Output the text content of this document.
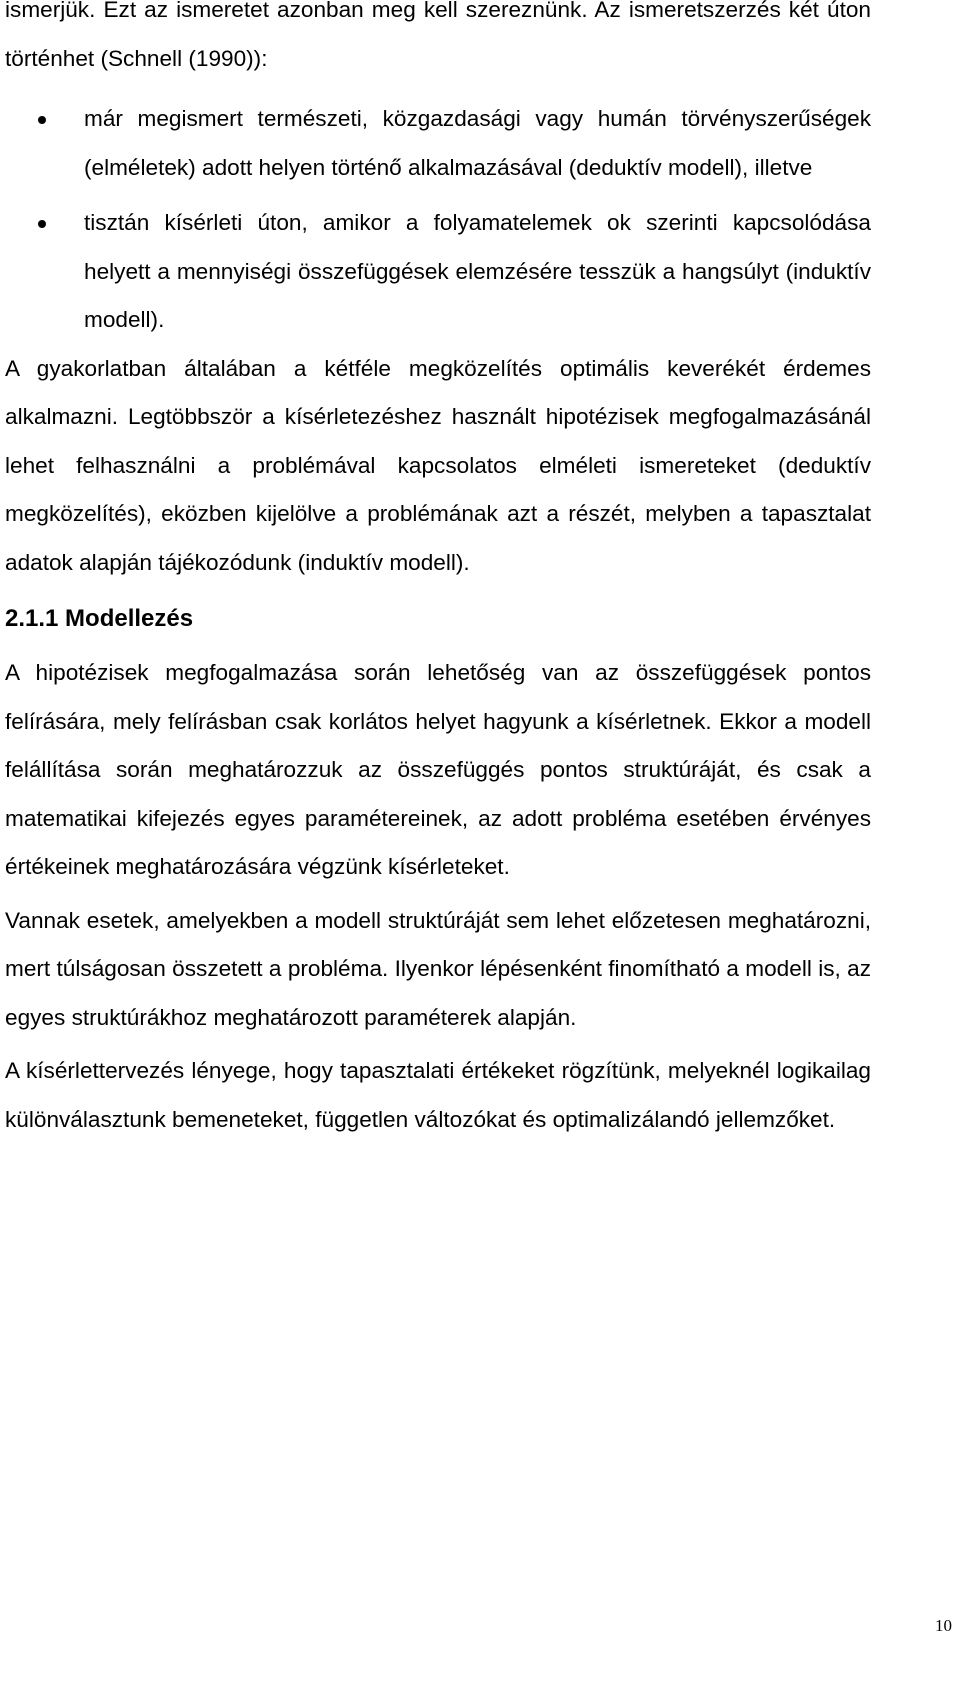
ismerjük. Ezt az ismeretet azonban meg kell szereznünk. Az ismeretszerzés két úton történhet (Schnell (1990)):

már megismert természeti, közgazdasági vagy humán törvényszerűségek (elméletek) adott helyen történő alkalmazásával (deduktív modell), illetve
tisztán kísérleti úton, amikor a folyamatelemek ok szerinti kapcsolódása helyett a mennyiségi összefüggések elemzésére tesszük a hangsúlyt (induktív modell).

A gyakorlatban általában a kétféle megközelítés optimális keverékét érdemes alkalmazni. Legtöbbször a kísérletezéshez használt hipotézisek megfogalmazásánál lehet felhasználni a problémával kapcsolatos elméleti ismereteket (deduktív megközelítés), eközben kijelölve a problémának azt a részét, melyben a tapasztalat adatok alapján tájékozódunk (induktív modell).

2.1.1 Modellezés

A hipotézisek megfogalmazása során lehetőség van az összefüggések pontos felírására, mely felírásban csak korlátos helyet hagyunk a kísérletnek. Ekkor a modell felállítása során meghatározzuk az összefüggés pontos struktúráját, és csak a matematikai kifejezés egyes paramétereinek, az adott probléma esetében érvényes értékeinek meghatározására végzünk kísérleteket.

Vannak esetek, amelyekben a modell struktúráját sem lehet előzetesen meghatározni, mert túlságosan összetett a probléma. Ilyenkor lépésenként finomítható a modell is, az egyes struktúrákhoz meghatározott paraméterek alapján.

A kísérlettervezés lényege, hogy tapasztalati értékeket rögzítünk, melyeknél logikailag különválasztunk bemeneteket, független változókat és optimalizálandó jellemzőket.

10
